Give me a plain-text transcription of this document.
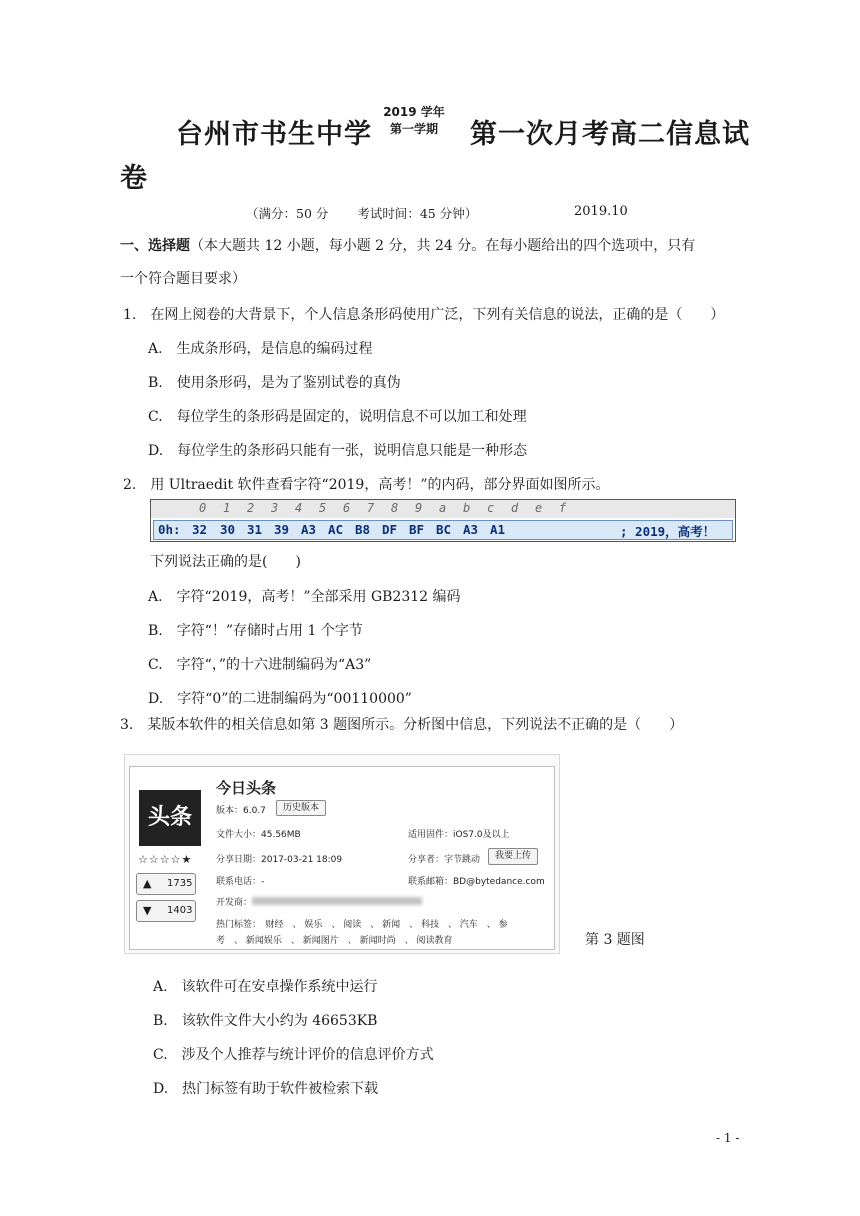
台州市书生中学
2019 学年
第一学期	第一次月考高二信息试
卷
（满分：50 分　　 考试时间：45 分钟）	2019.10
一、选择题（本大题共 12 小题，每小题 2 分，共 24 分。在每小题给出的四个选项中，只有
一个符合题目要求）
1.　在网上阅卷的大背景下，个人信息条形码使用广泛，下列有关信息的说法，正确的是（　　）
A.　生成条形码，是信息的编码过程
B.　使用条形码，是为了鉴别试卷的真伪
C.　每位学生的条形码是固定的，说明信息不可以加工和处理
D.　每位学生的条形码只能有一张，说明信息只能是一种形态
2.　用 Ultraedit 软件查看字符“2019，高考！”的内码，部分界面如图所示。
0 1 2 3 4 5 6 7 8 9 a b c d e f
0h: 32 30 31 39 A3 AC B8 DF BF BC A3 A1	; 2019，高考！
下列说法正确的是(　　)
A.　字符“2019，高考！”全部采用 GB2312 编码
B.　字符“！”存储时占用 1 个字节
C.　字符“，”的十六进制编码为“A3”
D.　字符“0”的二进制编码为“00110000”
3.　某版本软件的相关信息如第 3 题图所示。分析图中信息，下列说法不正确的是（　　）
头条
☆☆☆☆★
▲ 1735
▼ 1403
今日头条
版本：6.0.7	历史版本
文件大小：45.56MB	适用固件：iOS7.0及以上
分享日期：2017-03-21 18:09	分享者：字节跳动	我要上传
联系电话：-	联系邮箱：BD@bytedance.com
开发商：
热门标签：　财经　、 娱乐　、 阅读　、 新闻　、 科技　、 汽车　、 参
考　、 新闻娱乐　、 新闻图片　、 新闻时尚　、 阅读教育	第 3 题图
A.　该软件可在安卓操作系统中运行
B.　该软件文件大小约为 46653KB
C.　涉及个人推荐与统计评价的信息评价方式
D.　热门标签有助于软件被检索下载
- 1 -
